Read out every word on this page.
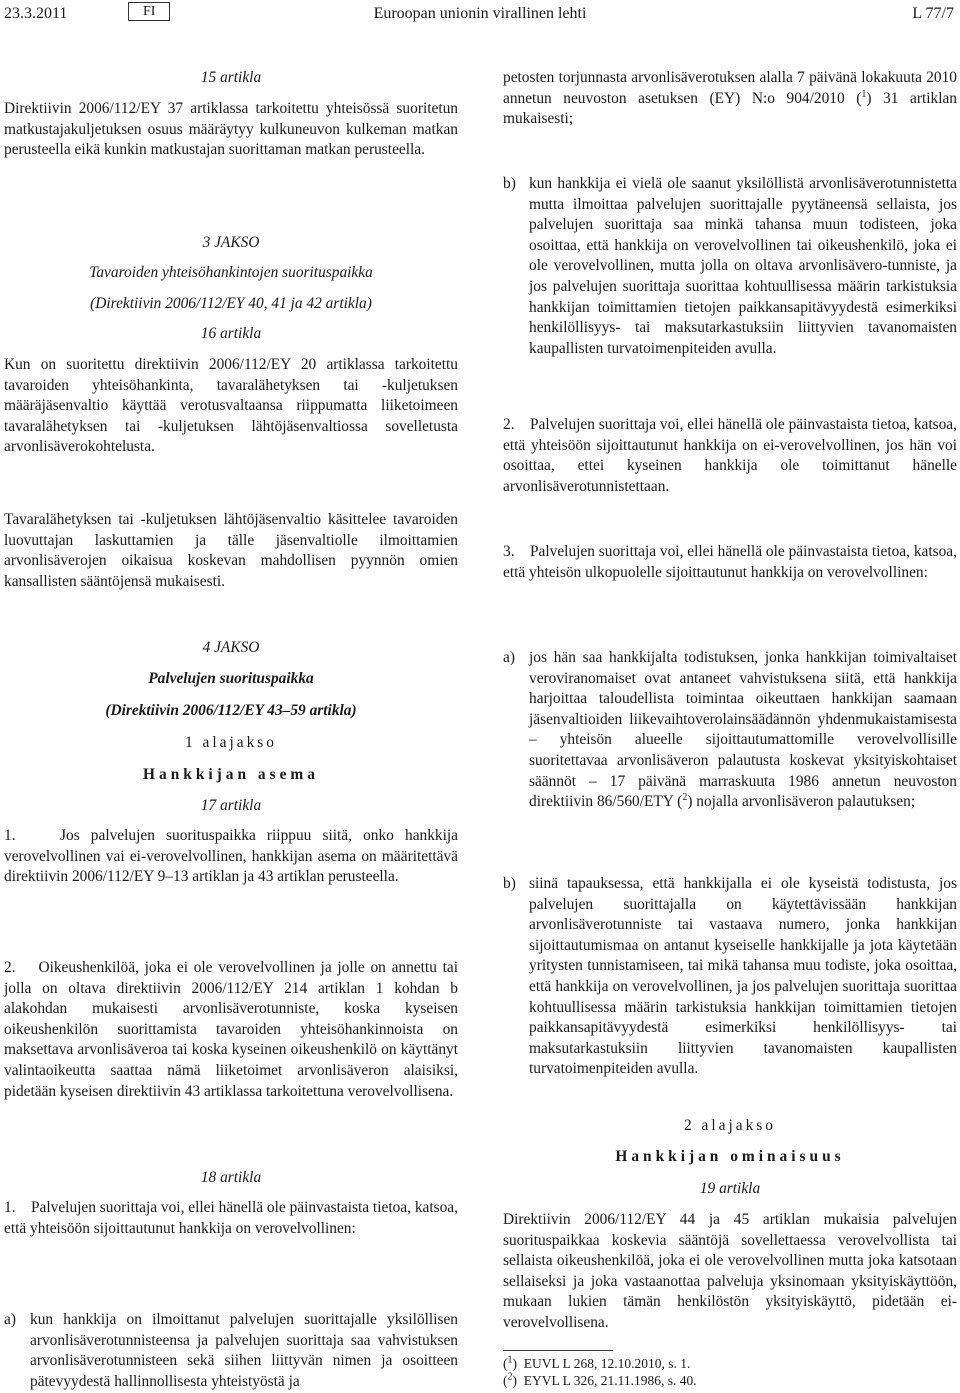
Euroopan unionin virallinen lehti
23.3.2011	FI	L 77/7
15 artikla

Direktiivin 2006/112/EY 37 artiklassa tarkoitettu yhteisössä suoritetun matkustajakuljetuksen osuus määräytyy kulkuneuvon kulkeman matkan perusteella eikä kunkin matkustajan suorittaman matkan perusteella.

3 JAKSO
Tavaroiden yhteisöhankintojen suorituspaikka
(Direktiivin 2006/112/EY 40, 41 ja 42 artikla)
16 artikla

Kun on suoritettu direktiivin 2006/112/EY 20 artiklassa tarkoitettu tavaroiden yhteisöhankinta, tavaralähetyksen tai -kuljetuksen määräjäsenvaltio käyttää verotusvaltaansa riippumatta liiketoimeen tavaralähetyksen tai -kuljetuksen lähtöjäsenvaltiossa sovelletusta arvonlisäverokohtelusta.

Tavaralähetyksen tai -kuljetuksen lähtöjäsenvaltio käsittelee tavaroiden luovuttajan laskuttamien ja tälle jäsenvaltiolle ilmoittamien arvonlisäverojen oikaisua koskevan mahdollisen pyynnön omien kansallisten sääntöjensä mukaisesti.

4 JAKSO
Palvelujen suorituspaikka
(Direktiivin 2006/112/EY 43–59 artikla)
1 alajakso
Hankkijan asema
17 artikla

1.	Jos palvelujen suorituspaikka riippuu siitä, onko hankkija verovelvollinen vai ei-verovelvollinen, hankkijan asema on määritettävä direktiivin 2006/112/EY 9–13 artiklan ja 43 artiklan perusteella.

2. Oikeushenkilöä, joka ei ole verovelvollinen ja jolle on annettu tai jolla on oltava direktiivin 2006/112/EY 214 artiklan 1 kohdan b alakohdan mukaisesti arvonlisäverotunniste, koska kyseisen oikeushenkilön suorittamista tavaroiden yhteisöhankinnoista on maksettava arvonlisäveroa tai koska kyseinen oikeushenkilö on käyttänyt valintaoikeutta saattaa nämä liiketoimet arvonlisäveron alaisiksi, pidetään kyseisen direktiivin 43 artiklassa tarkoitettuna verovelvollisena.

18 artikla

1. Palvelujen suorittaja voi, ellei hänellä ole päinvastaista tietoa, katsoa, että yhteisöön sijoittautunut hankkija on verovelvollinen:

a) kun hankkija on ilmoittanut palvelujen suorittajalle yksilöllisen arvonlisäverotunnisteensa ja palvelujen suorittaja saa vahvistuksen arvonlisäverotunnisteen sekä siihen liittyvän nimen ja osoitteen pätevyydestä hallinnollisesta yhteistyöstä ja

petosten torjunnasta arvonlisäverotuksen alalla 7 päivänä lokakuuta 2010 annetun neuvoston asetuksen (EY) N:o 904/2010 ($^1$) 31 artiklan mukaisesti;

b) kun hankkija ei vielä ole saanut yksilöllistä arvonlisäverotunnistetta mutta ilmoittaa palvelujen suorittajalle pyytäneensä sellaista, jos palvelujen suorittaja saa minkä tahansa muun todisteen, joka osoittaa, että hankkija on verovelvollinen tai oikeushenkilö, joka ei ole verovelvollinen, mutta jolla on oltava arvonlisävero-tunniste, ja jos palvelujen suorittaja suorittaa kohtuullisessa määrin tarkistuksia hankkijan toimittamien tietojen paikkansapitävyydestä esimerkiksi henkilöllisyys- tai maksutarkastuksiin liittyvien tavanomaisten kaupallisten turvatoimenpiteiden avulla.

2. Palvelujen suorittaja voi, ellei hänellä ole päinvastaista tietoa, katsoa, että yhteisöön sijoittautunut hankkija on ei-verovelvollinen, jos hän voi osoittaa, ettei kyseinen hankkija ole toimittanut hänelle arvonlisäverotunnistettaan.

3. Palvelujen suorittaja voi, ellei hänellä ole päinvastaista tietoa, katsoa, että yhteisön ulkopuolelle sijoittautunut hankkija on verovelvollinen:

a) jos hän saa hankkijalta todistuksen, jonka hankkijan toimivaltaiset veroviranomaiset ovat antaneet vahvistuksena siitä, että hankkija harjoittaa taloudellista toimintaa oikeuttaen hankkijan saamaan jäsenvaltioiden liikevaihtoverolainsäädännön yhdenmukaistamisesta – yhteisön alueelle sijoittautumattomille verovelvollisille suoritettavaa arvonlisäveron palautusta koskevat yksityiskohtaiset säännöt – 17 päivänä marraskuuta 1986 annetun neuvoston direktiivin 86/560/ETY ($^2$) nojalla arvonlisäveron palautuksen;

b) siinä tapauksessa, että hankkijalla ei ole kyseistä todistusta, jos palvelujen suorittajalla on käytettävissään hankkijan arvonlisäverotunniste tai vastaava numero, jonka hankkijan sijoittautumismaa on antanut kyseiselle hankkijalle ja jota käytetään yritysten tunnistamiseen, tai mikä tahansa muu todiste, joka osoittaa, että hankkija on verovelvollinen, ja jos palvelujen suorittaja suorittaa kohtuullisessa määrin tarkistuksia hankkijan toimittamien tietojen paikkansapitävyydestä esimerkiksi henkilöllisyys- tai maksutarkastuksiin liittyvien tavanomaisten kaupallisten turvatoimenpiteiden avulla.

2 alajakso
Hankkijan ominaisuus
19 artikla

Direktiivin 2006/112/EY 44 ja 45 artiklan mukaisia palvelujen suorituspaikkaa koskevia sääntöjä sovellettaessa verovelvollista tai sellaista oikeushenkilöä, joka ei ole verovelvollinen mutta joka katsotaan sellaiseksi ja joka vastaanottaa palveluja yksinomaan yksityiskäyttöön, mukaan lukien tämän henkilöstön yksityiskäyttö, pidetään ei-verovelvollisena.

($^1$)  EUVL L 268, 12.10.2010, s. 1.
($^2$)  EYVL L 326, 21.11.1986, s. 40.
